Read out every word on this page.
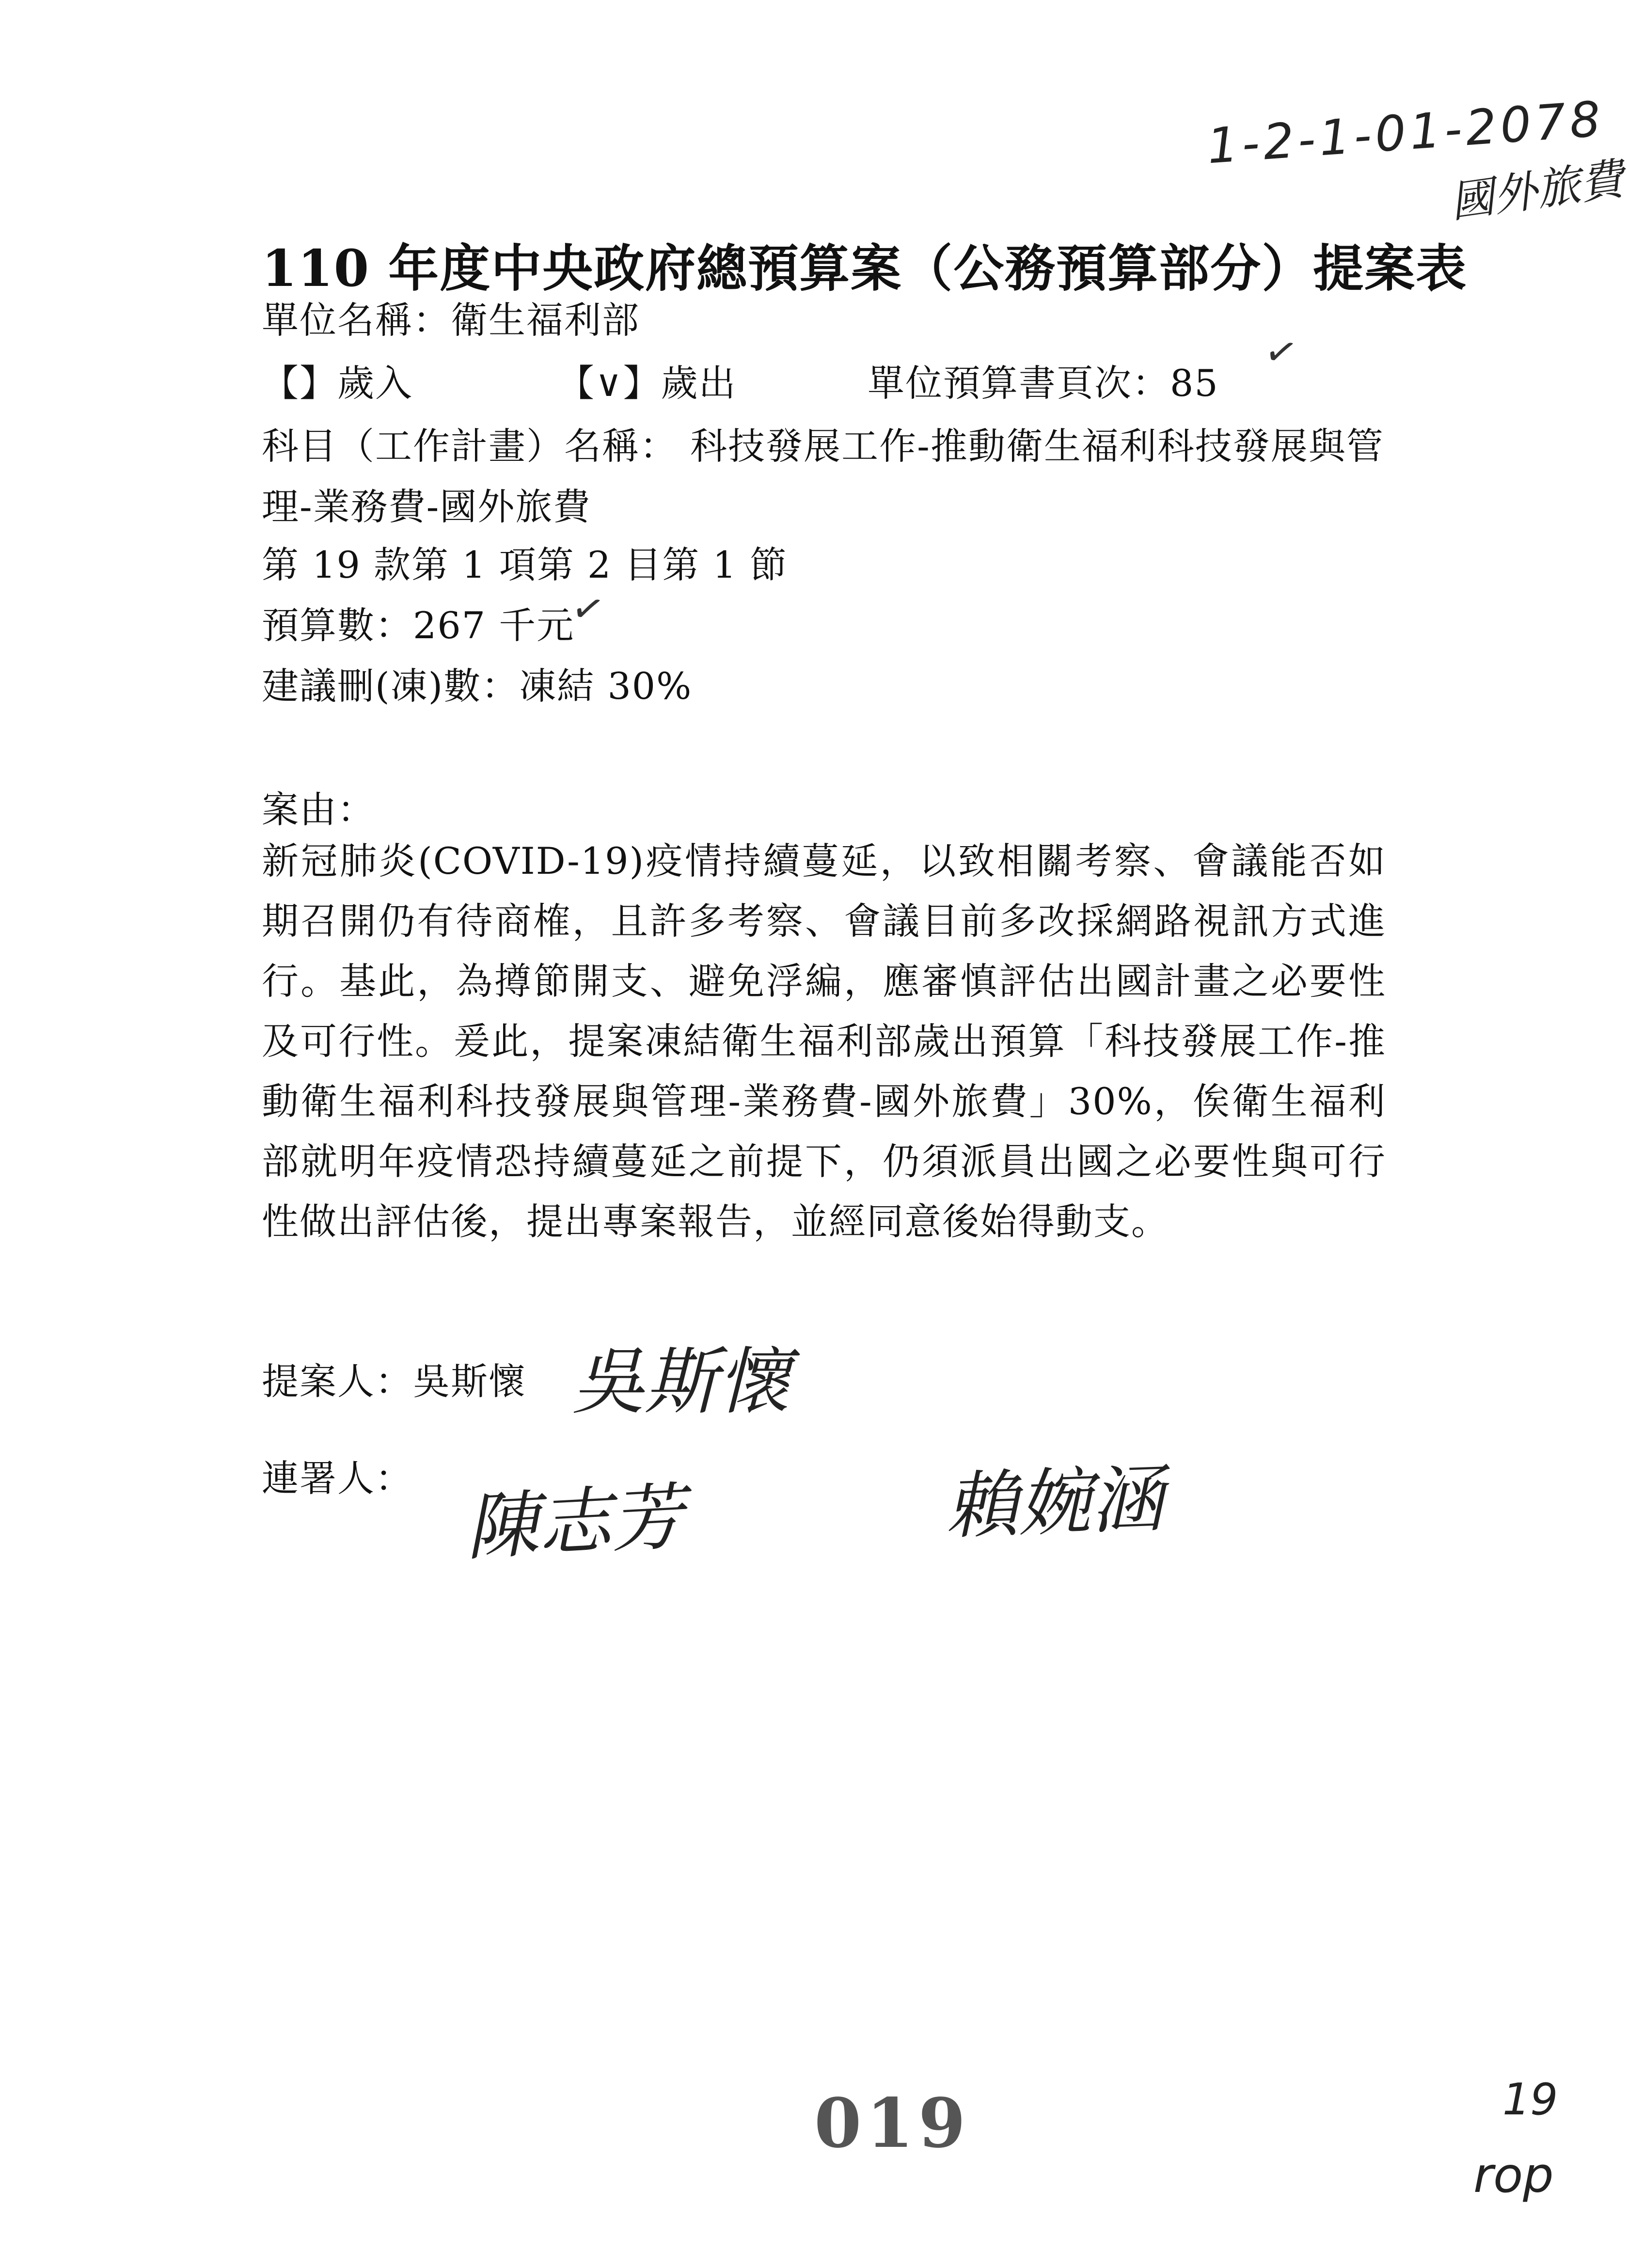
1-2-1-01-2078
國外旅費
110 年度中央政府總預算案（公務預算部分）提案表
單位名稱：衛生福利部
【】歲入	【∨】歲出	單位預算書頁次：85
✓
科目（工作計畫）名稱： 科技發展工作-推動衛生福利科技發展與管
理-業務費-國外旅費
第 19 款第 1 項第 2 目第 1 節
預算數：267 千元
✓
建議刪(凍)數：凍結 30%
案由：
新冠肺炎(COVID-19)疫情持續蔓延，以致相關考察、會議能否如期召開仍有待商榷，且許多考察、會議目前多改採網路視訊方式進行。基此，為撙節開支、避免浮編，應審慎評估出國計畫之必要性及可行性。爰此，提案凍結衛生福利部歲出預算「科技發展工作-推動衛生福利科技發展與管理-業務費-國外旅費」30%，俟衛生福利部就明年疫情恐持續蔓延之前提下，仍須派員出國之必要性與可行性做出評估後，提出專案報告，並經同意後始得動支。
提案人：吳斯懷 吳斯懷
連署人： 陳志芳	賴婉涵
019	19
rop
